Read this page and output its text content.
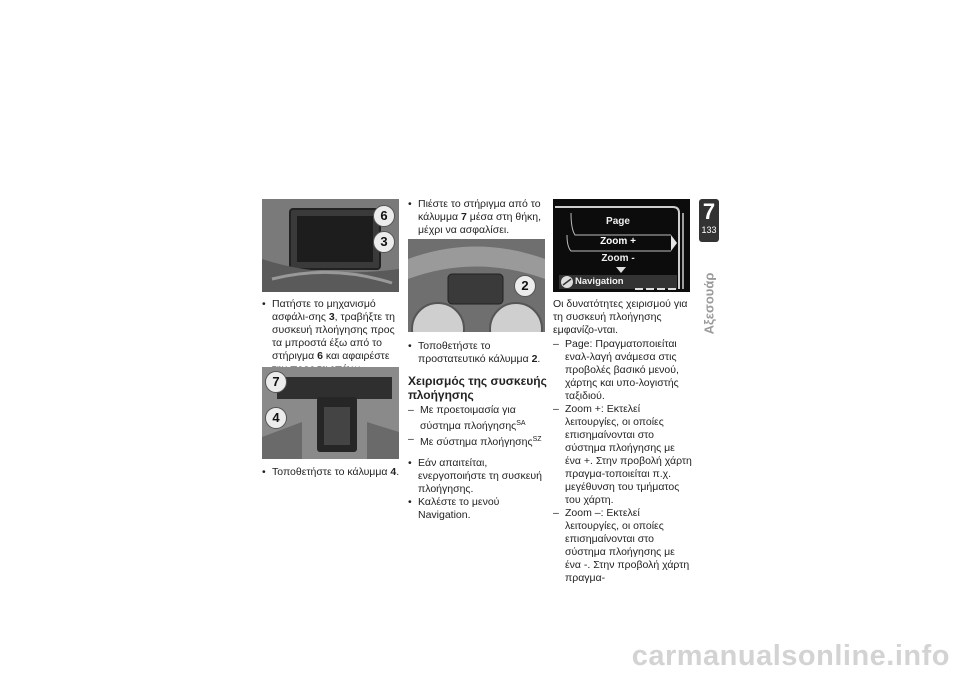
6
3

• Πατήστε το μηχανισμό ασφάλι-σης 3, τραβήξτε τη συσκευή πλοήγησης προς τα μπροστά έξω από το στήριγμα 6 και αφαιρέστε

7
4

• Τοποθετήστε το κάλυμμα 4.

• Πιέστε το στήριγμα από το κάλυμμα 7 μέσα στη θήκη, μέχρι να ασφαλίσει.

2

• Τοποθετήστε το προστατευτικό κάλυμμα 2.

Χειρισμός της συσκευής πλοήγησης

– Με προετοιμασία για σύστημα πλοήγησης$^{SA}$

– Με σύστημα πλοήγησης$^{SZ}$

• Εάν απαιτείται, ενεργοποιήστε τη συσκευή πλοήγησης.

• Καλέστε το μενού Navigation.

Page
Zoom +
Zoom -
Navigation

Οι δυνατότητες χειρισμού για τη συσκευή πλοήγησης εμφανίζο-νται.

– Page: Πραγματοποιείται εναλ-λαγή ανάμεσα στις προβολές βασικό μενού, χάρτης και υπο-λογιστής ταξιδιού.

– Zoom +: Εκτελεί λειτουργίες, οι οποίες επισημαίνονται στο σύστημα πλοήγησης με ένα +. Στην προβολή χάρτη πραγμα-τοποιείται π.χ. μεγέθυνση του τμήματος του χάρτη.

– Zoom –: Εκτελεί λειτουργίες, οι οποίες επισημαίνονται στο σύστημα πλοήγησης με ένα -. Στην προβολή χάρτη πραγμα-

7
133
Αξεσουάρ
carmanualsonline.info
